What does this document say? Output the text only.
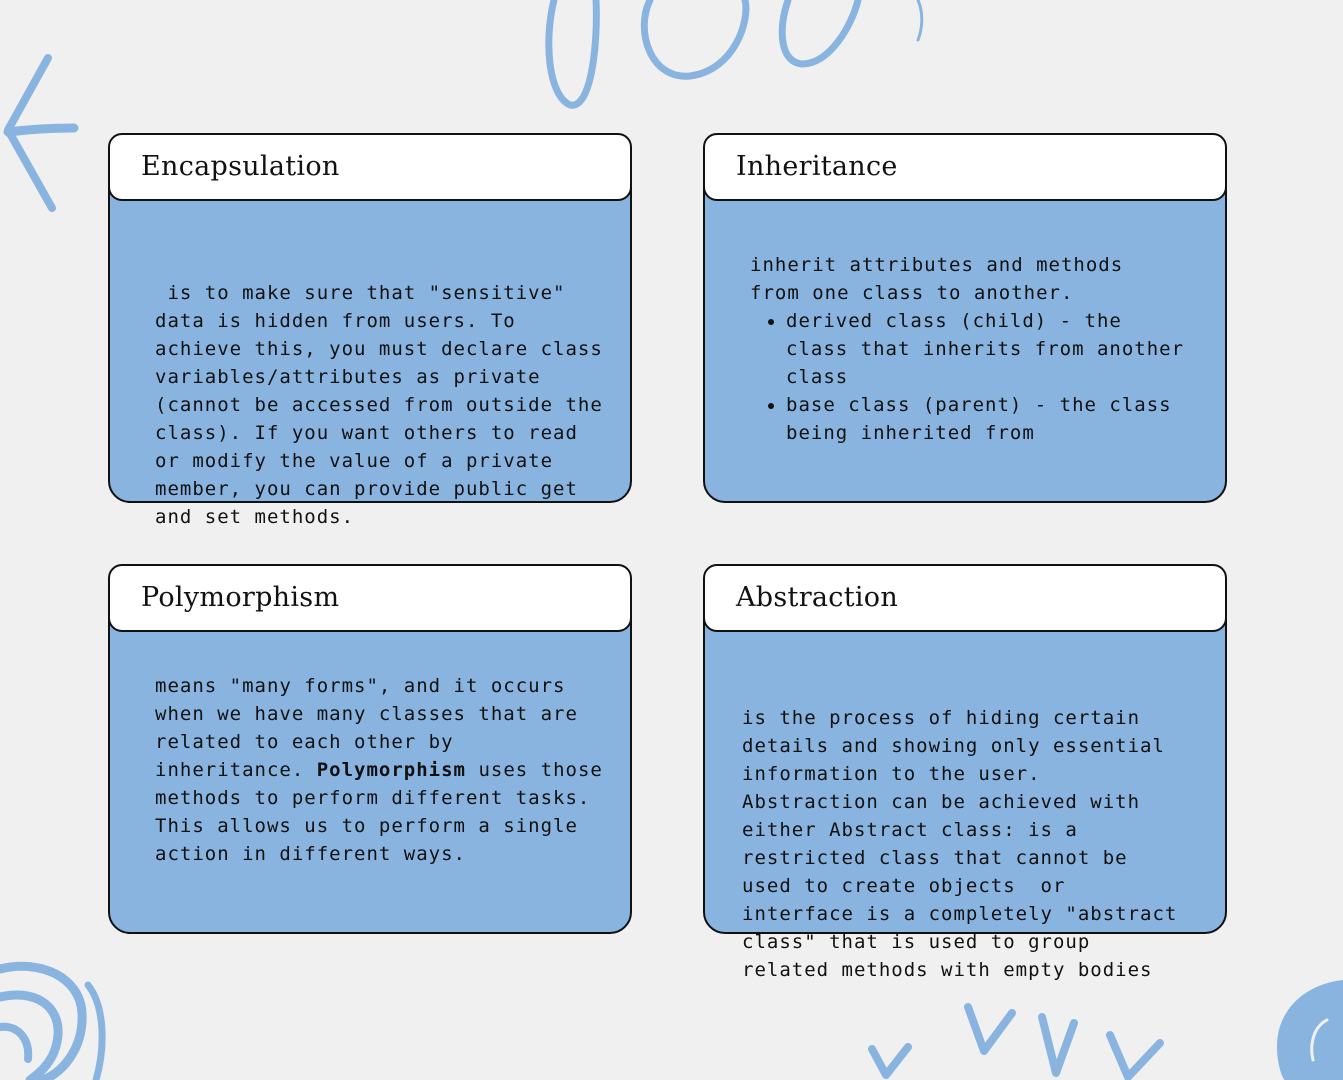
Encapsulation

is to make sure that "sensitive" data is hidden from users. To achieve this, you must declare class variables/attributes as private (cannot be accessed from outside the class). If you want others to read or modify the value of a private member, you can provide public get and set methods.

Inheritance

inherit attributes and methods from one class to another.

• derived class (child) - the class that inherits from another class
• base class (parent) - the class being inherited from
Polymorphism

means "many forms", and it occurs when we have many classes that are related to each other by inheritance. Polymorphism uses those methods to perform different tasks. This allows us to perform a single action in different ways.

Abstraction

is the process of hiding certain details and showing only essential information to the user. Abstraction can be achieved with either Abstract class: is a restricted class that cannot be used to create objects  or interface is a completely "abstract class" that is used to group related methods with empty bodies
